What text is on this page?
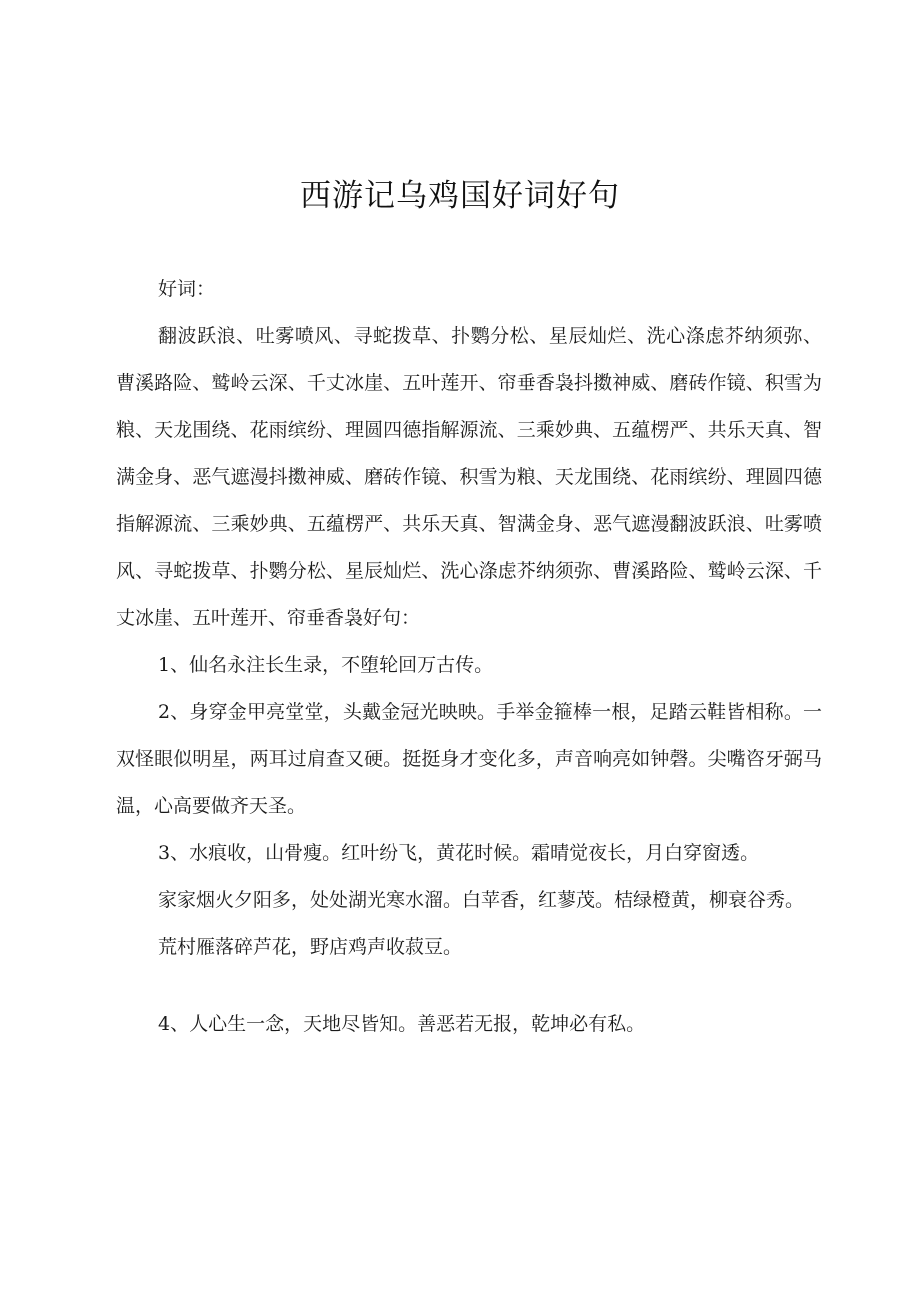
西游记乌鸡国好词好句

好词：

翻波跃浪、吐雾喷风、寻蛇拨草、扑鹦分松、星辰灿烂、洗心涤虑芥纳须弥、曹溪路险、鹫岭云深、千丈冰崖、五叶莲开、帘垂香袅抖擞神威、磨砖作镜、积雪为粮、天龙围绕、花雨缤纷、理圆四德指解源流、三乘妙典、五蕴楞严、共乐天真、智满金身、恶气遮漫抖擞神威、磨砖作镜、积雪为粮、天龙围绕、花雨缤纷、理圆四德指解源流、三乘妙典、五蕴楞严、共乐天真、智满金身、恶气遮漫翻波跃浪、吐雾喷风、寻蛇拨草、扑鹦分松、星辰灿烂、洗心涤虑芥纳须弥、曹溪路险、鹫岭云深、千丈冰崖、五叶莲开、帘垂香袅好句：

1、仙名永注长生录，不堕轮回万古传。

2、身穿金甲亮堂堂，头戴金冠光映映。手举金箍棒一根，足踏云鞋皆相称。一双怪眼似明星，两耳过肩查又硬。挺挺身才变化多，声音响亮如钟磬。尖嘴咨牙弼马温，心高要做齐天圣。

3、水痕收，山骨瘦。红叶纷飞，黄花时候。霜晴觉夜长，月白穿窗透。

家家烟火夕阳多，处处湖光寒水溜。白苹香，红蓼茂。桔绿橙黄，柳衰谷秀。

荒村雁落碎芦花，野店鸡声收菽豆。

4、人心生一念，天地尽皆知。善恶若无报，乾坤必有私。
